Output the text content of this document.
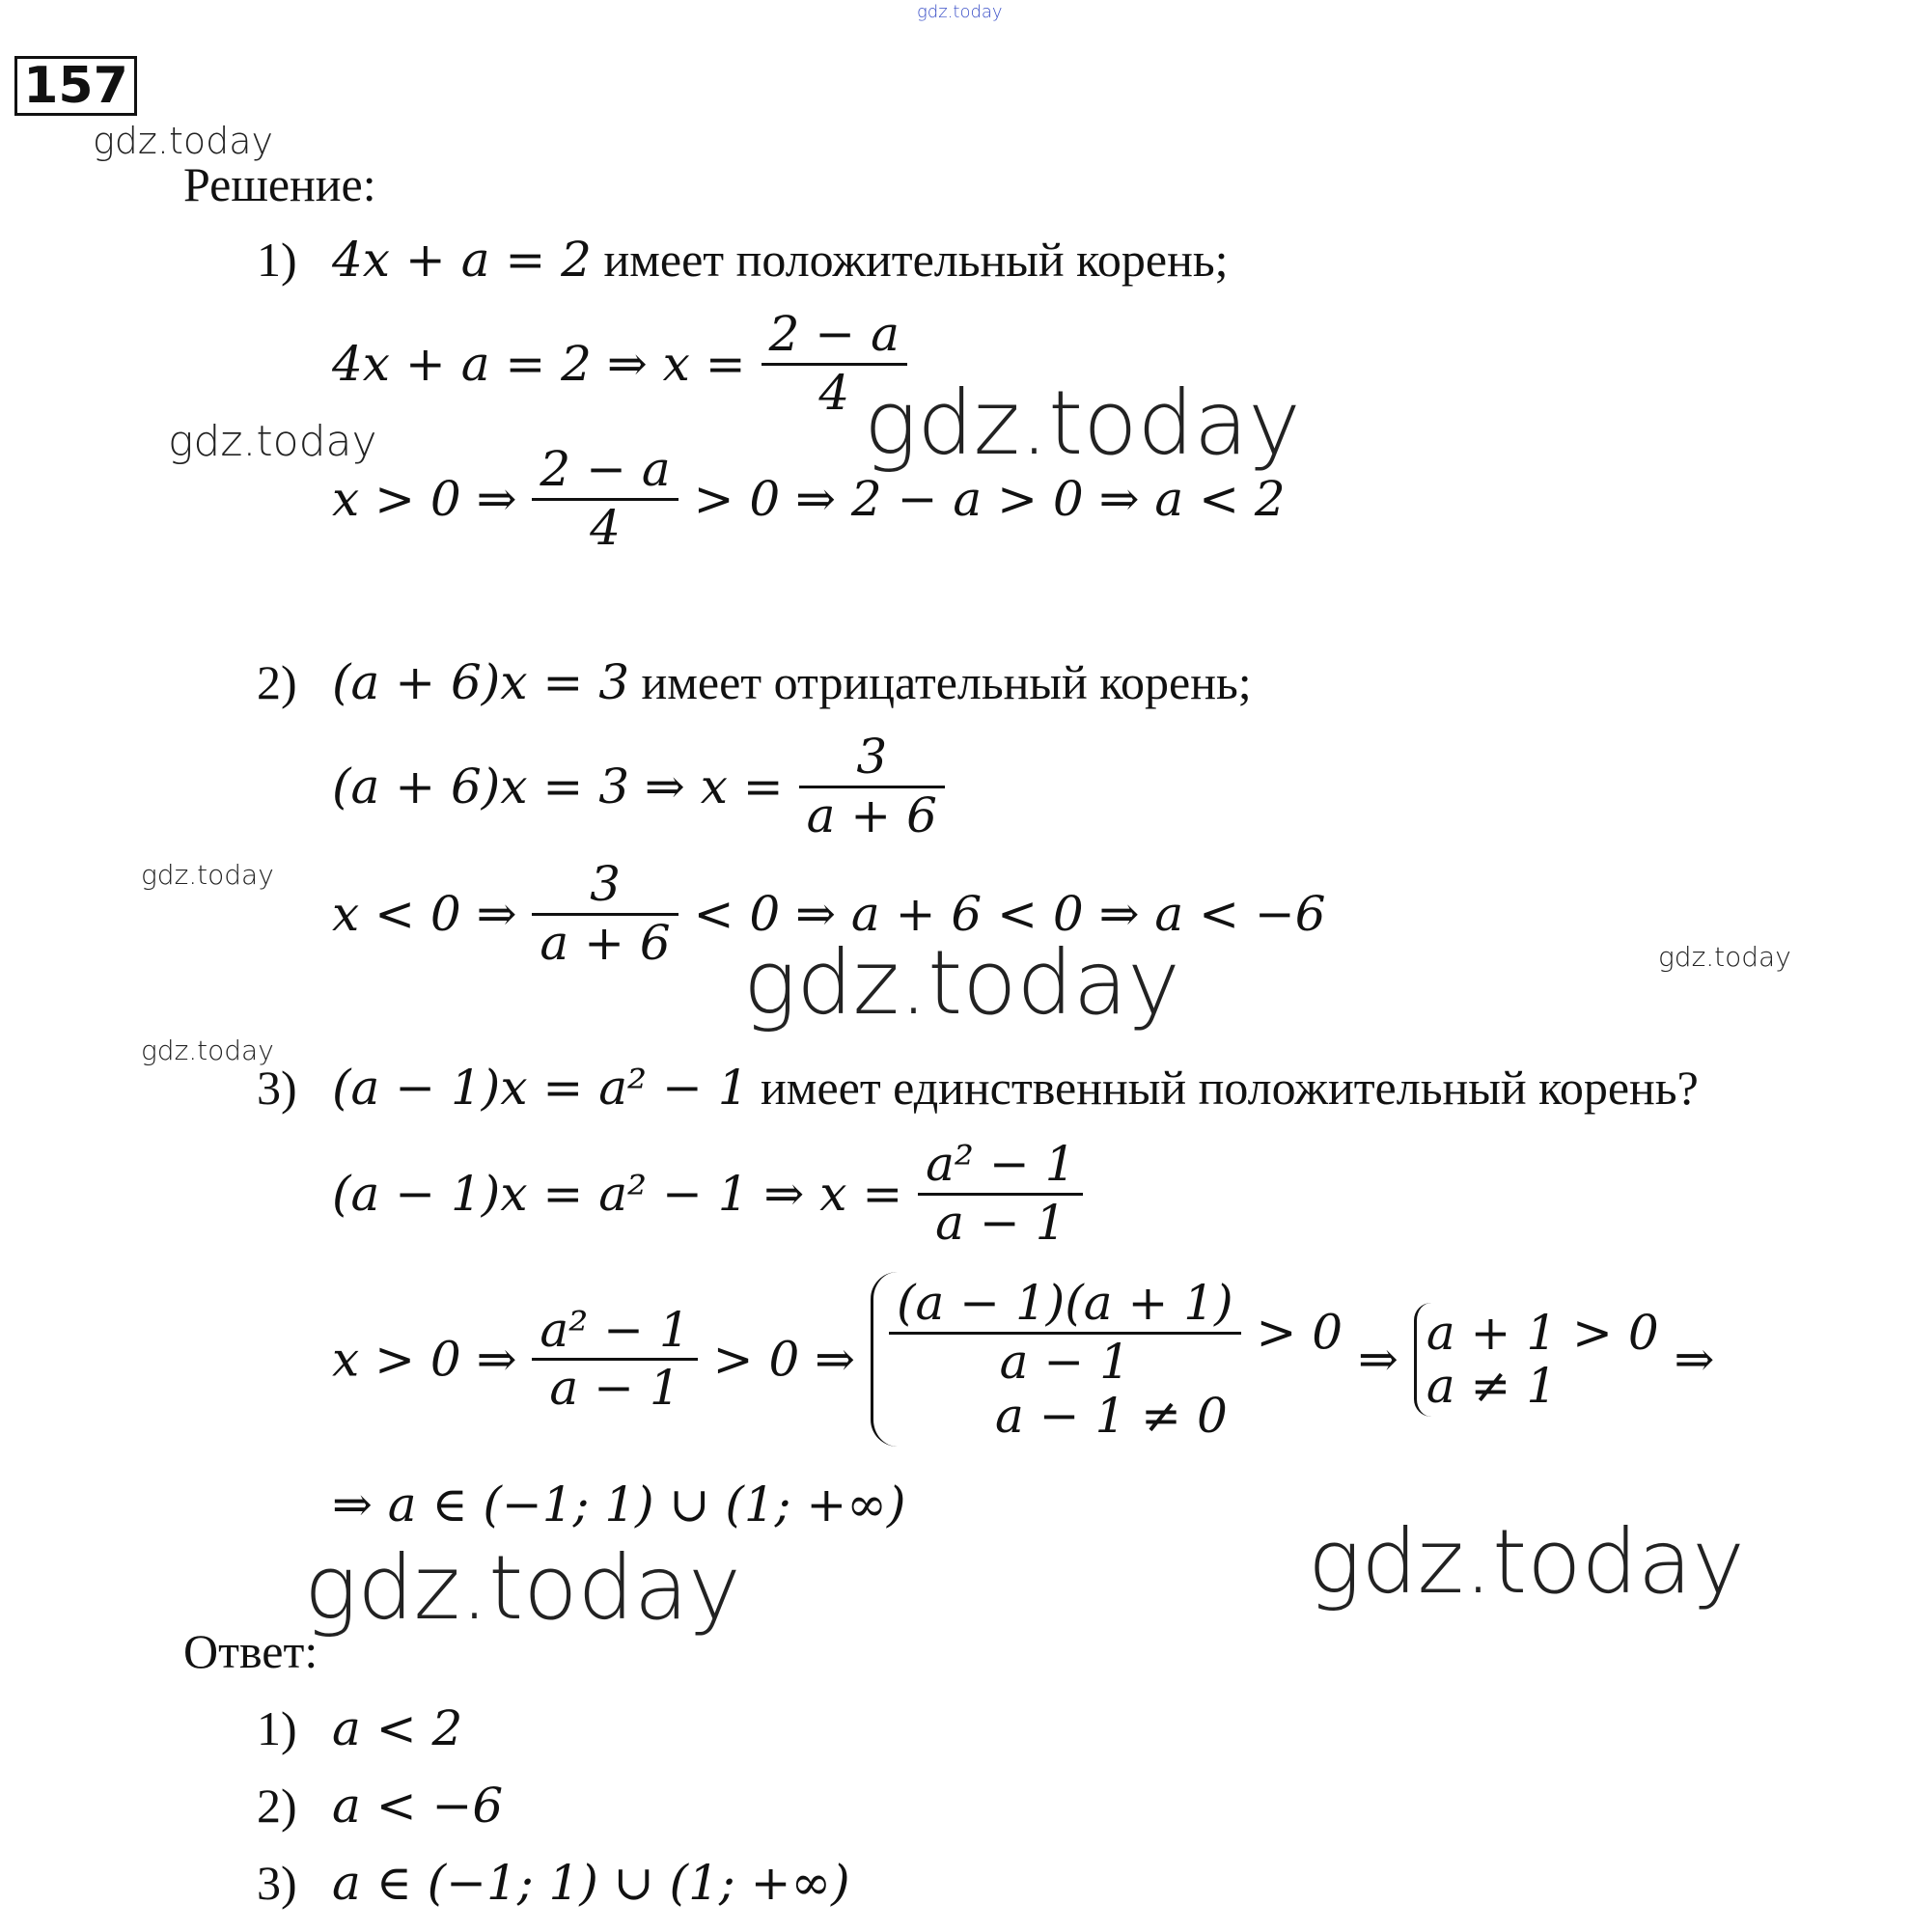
gdz.today
gdz.today
gdz.today	gdz.today
gdz.today
gdz.today	gdz.today
gdz.today
gdz.today	gdz.today
157
Решение:
1) 4x + a = 2 имеет положительный корень;
4x + a = 2 ⇒ $x = \frac{2 - a}{4}$
x > 0 ⇒ $\frac{2 - a}{4} > 0$ ⇒ 2 − a > 0 ⇒ a < 2
2) (a + 6)x = 3 имеет отрицательный корень;
(a + 6)x = 3 ⇒ $x = \frac{3}{a + 6}$
x < 0 ⇒ $\frac{3}{a + 6} < 0$ ⇒ a + 6 < 0 ⇒ a < −6
3) (a − 1)x = a² − 1 имеет единственный положительный корень?
(a − 1)x = a² − 1 ⇒ $x = \frac{\text{a² − 1}}{a - 1}$
x > 0 ⇒ $\frac{\text{a² − 1}}{a - 1} > 0$ ⇒ $\frac{(a - 1)(a + 1)}{a - 1} > 0$
a − 1 ≠ 0
⇒ a + 1 > 0
a ≠ 1	⇒
⇒ a ∈ (−1; 1) ∪ (1; +∞)
Ответ:
1) a < 2
2) a < −6
3) a ∈ (−1; 1) ∪ (1; +∞)
